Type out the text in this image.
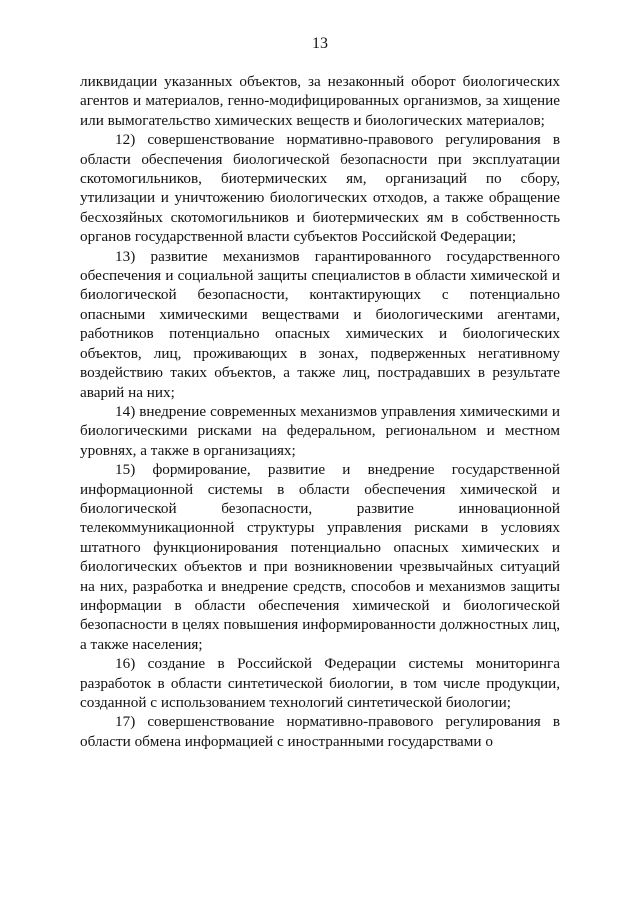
13

ликвидации указанных объектов, за незаконный оборот биологических агентов и материалов, генно-модифицированных организмов, за хищение или вымогательство химических веществ и биологических материалов;

12) совершенствование нормативно-правового регулирования в области обеспечения биологической безопасности при эксплуатации скотомогильников, биотермических ям, организаций по сбору, утилизации и уничтожению биологических отходов, а также обращение бесхозяйных скотомогильников и биотермических ям в собственность органов государственной власти субъектов Российской Федерации;

13) развитие механизмов гарантированного государственного обеспечения и социальной защиты специалистов в области химической и биологической безопасности, контактирующих с потенциально опасными химическими веществами и биологическими агентами, работников потенциально опасных химических и биологических объектов, лиц, проживающих в зонах, подверженных негативному воздействию таких объектов, а также лиц, пострадавших в результате аварий на них;

14) внедрение современных механизмов управления химическими и биологическими рисками на федеральном, региональном и местном уровнях, а также в организациях;

15) формирование, развитие и внедрение государственной информационной системы в области обеспечения химической и биологической безопасности, развитие инновационной телекоммуникационной структуры управления рисками в условиях штатного функционирования потенциально опасных химических и биологических объектов и при возникновении чрезвычайных ситуаций на них, разработка и внедрение средств, способов и механизмов защиты информации в области обеспечения химической и биологической безопасности в целях повышения информированности должностных лиц, а также населения;

16) создание в Российской Федерации системы мониторинга разработок в области синтетической биологии, в том числе продукции, созданной с использованием технологий синтетической биологии;

17) совершенствование нормативно-правового регулирования в области обмена информацией с иностранными государствами о
